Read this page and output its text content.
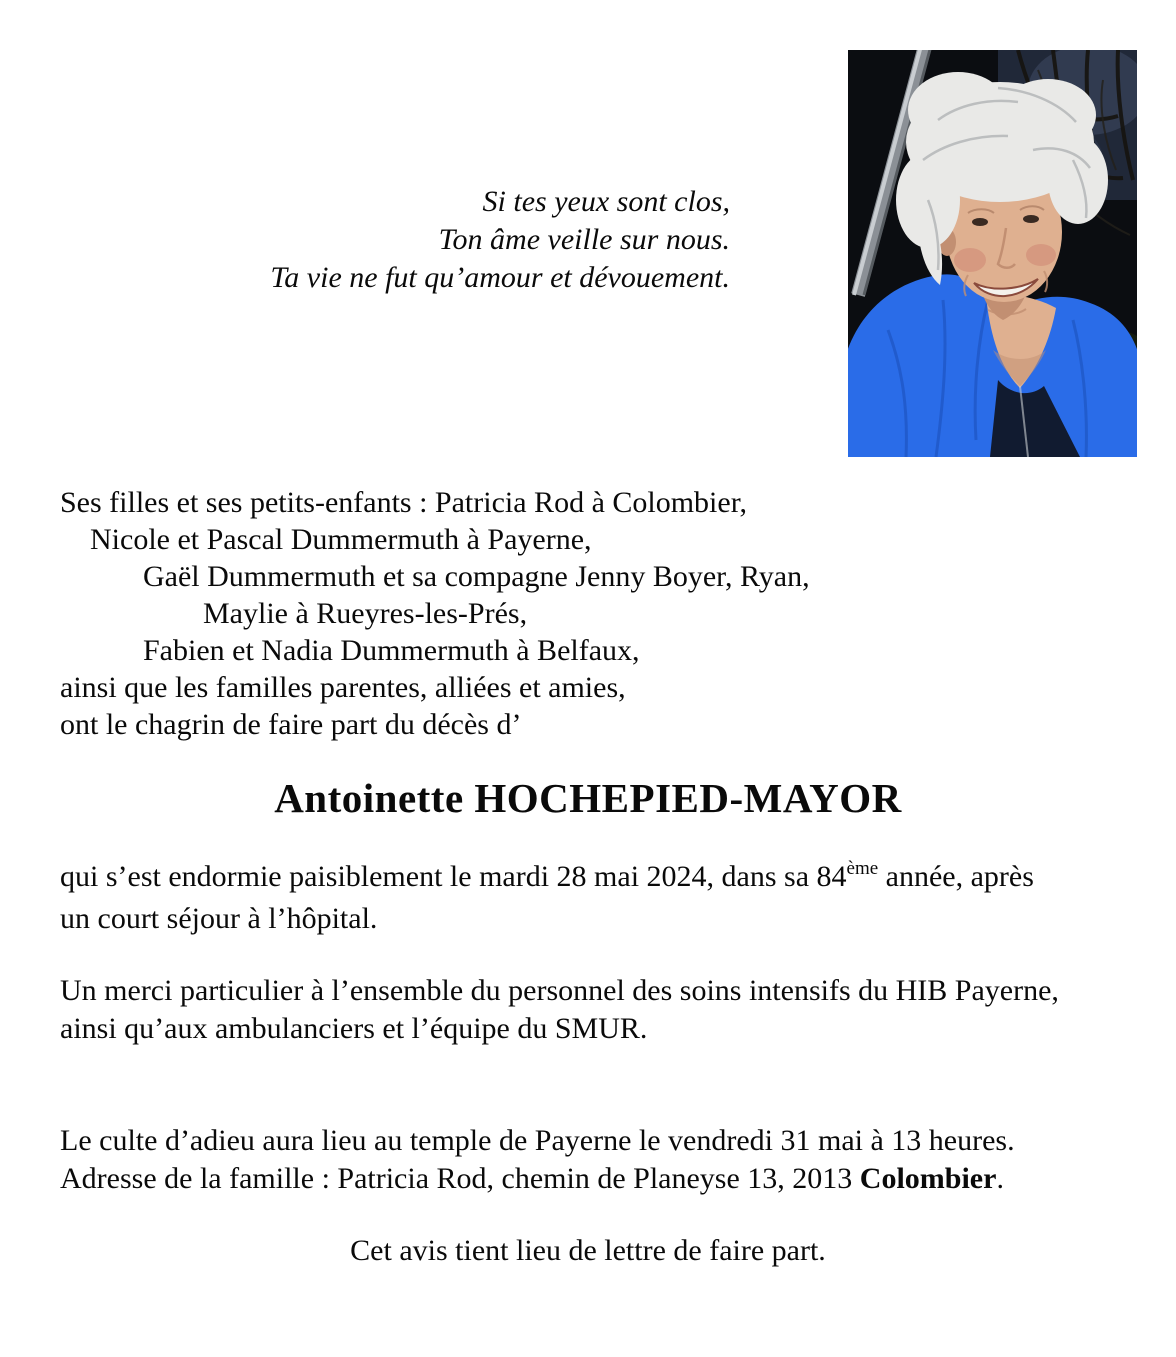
Si tes yeux sont clos,
Ton âme veille sur nous.
Ta vie ne fut qu’amour et dévouement.
Ses filles et ses petits-enfants : Patricia Rod à Colombier,
Nicole et Pascal Dummermuth à Payerne,
Gaël Dummermuth et sa compagne Jenny Boyer, Ryan,
Maylie à Rueyres-les-Prés,
Fabien et Nadia Dummermuth à Belfaux,
ainsi que les familles parentes, alliées et amies,
ont le chagrin de faire part du décès d’
Antoinette HOCHEPIED-MAYOR

qui s’est endormie paisiblement le mardi 28 mai 2024, dans sa 84ème année, après
un court séjour à l’hôpital.

Un merci particulier à l’ensemble du personnel des soins intensifs du HIB Payerne,
ainsi qu’aux ambulanciers et l’équipe du SMUR.

Le culte d’adieu aura lieu au temple de Payerne le vendredi 31 mai à 13 heures.
Adresse de la famille : Patricia Rod, chemin de Planeyse 13, 2013 Colombier.

Cet avis tient lieu de lettre de faire part.
